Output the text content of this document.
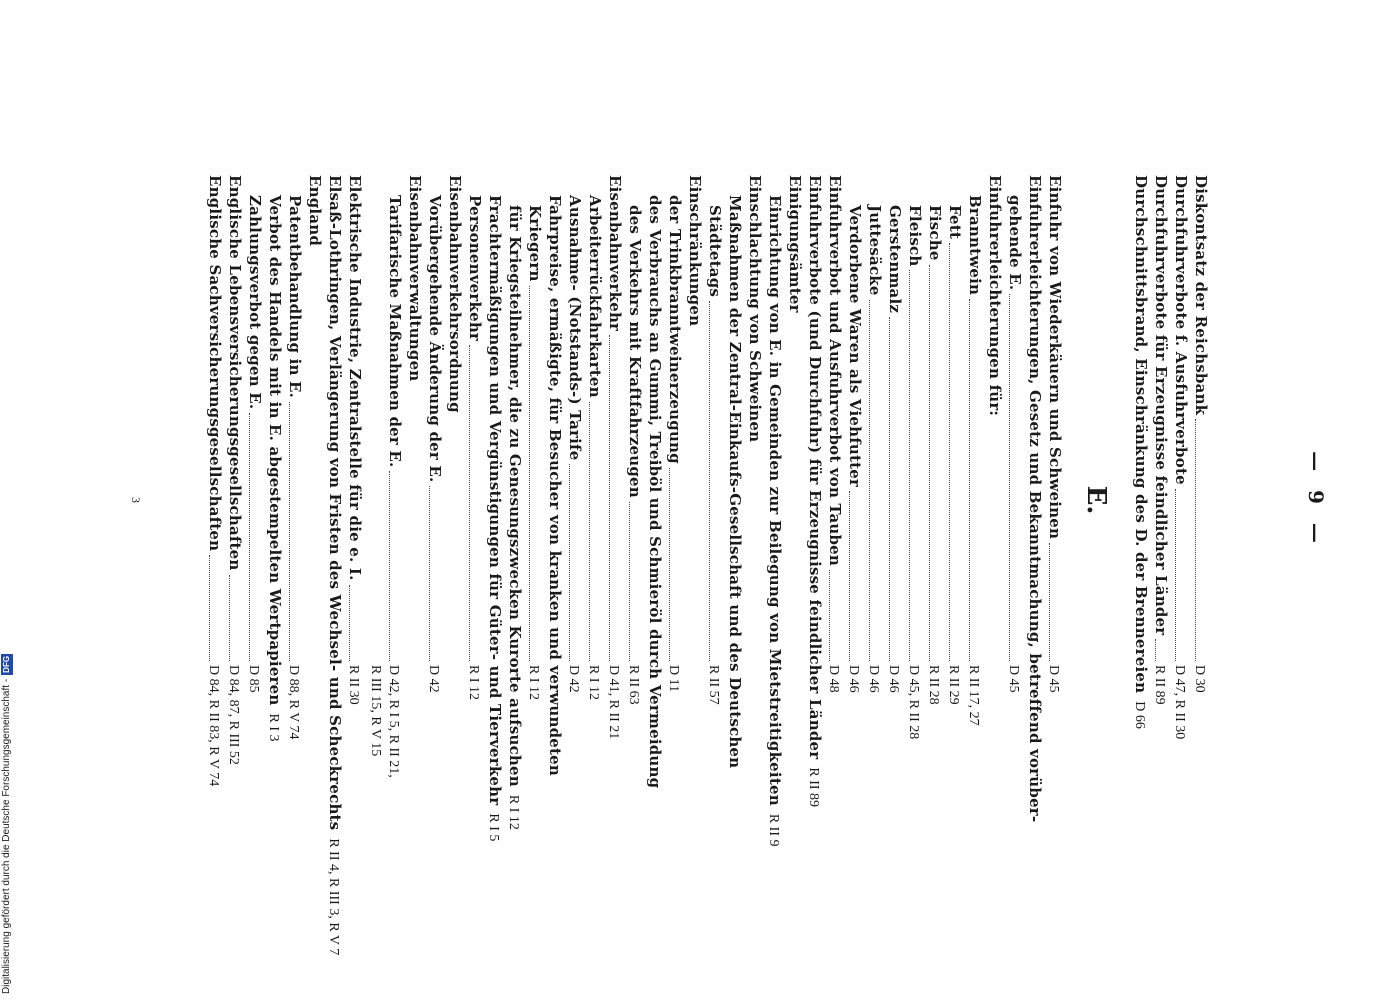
— 9 —
E.
Diskontsatz der Reichsbank
D 30
Durchfuhrverbote f. Ausfuhrverbote
D 47, R II 30
Durchfuhrverbote für Erzeugnisse feindlicher Länder
R II 89
Durchschnittsbrand, Einschränkung des D. der Brennereien
D 66
Einfuhr von Wiederkäuern und Schweinen
D 45
Einfuhrerleichterungen, Gesetz und Bekanntmachung, betreffend vorüber-
gehende E.
D 45
Einfuhrerleichterungen für:
Branntwein
R II 17, 27
Fett
R II 29
Fische
R II 28
Fleisch
D 45, R II 28
Gerstenmalz
D 46
Juttesäcke
D 46
Verdorbene Waren als Viehfutter
D 46
Einfuhrverbot und Ausfuhrverbot von Tauben
D 48
Einfuhrverbote (und Durchfuhr) für Erzeugnisse feindlicher Länder
R II 89
Einigungsämter
Einrichtung von E. in Gemeinden zur Beilegung von Mietstreitigkeiten
R II 9
Einschlachtung von Schweinen
Maßnahmen der Zentral-Einkaufs-Gesellschaft und des Deutschen
Städtetags
R II 57
Einschränkungen
der Trinkbranntweinerzeugung
D 11
des Verbrauchs an Gummi, Treiböl und Schmieröl durch Vermeidung
des Verkehrs mit Kraftfahrzeugen
R II 63
Eisenbahnverkehr
D 41, R II 21
Arbeiterrückfahrkarten
R I 12
Ausnahme- (Notstands-) Tarife
D 42
Fahrpreise, ermäßigte, für Besucher von kranken und verwundeten
Kriegern
R I 12
für Kriegsteilnehmer, die zu Genesungszwecken Kurorte aufsuchen
R I 12
Frachtermäßigungen und Vergünstigungen für Güter- und Tierverkehr
R I 5
Personenverkehr
R I 12
Eisenbahnverkehrsordnung
Vorübergehende Änderung der E.
D 42
Eisenbahnverwaltungen
Tarifarische Maßnahmen der E.
D 42, R I 5, R II 21,
Elektrische Industrie, Zentralstelle für die e. I.
R II 30
Elsaß-Lothringen, Verlängerung von Fristen des Wechsel- und Scheckrechts
R II 4, R III 3, R V 7
England
Patentbehandlung in E.
D 88, R V 74
Verbot des Handels mit in E. abgestempelten Wertpapieren
R I 3
Zahlungsverbot gegen E.
D 85
Englische Lebensversicherungsgesellschaften
D 84, 87, R III 52
Englische Sachversicherungsgesellschaften
D 84, R II 83, R V 74	R III 15, R V 15
3
Digitalisierung gefördert durch die Deutsche Forschungsgemeinschaft -
DFG
